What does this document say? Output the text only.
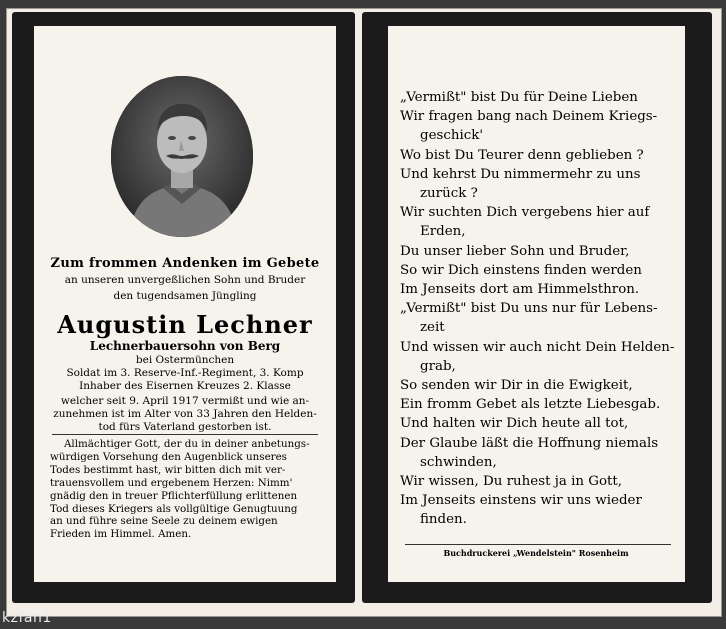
Zum frommen Andenken im Gebete
an unseren unvergeßlichen Sohn und Bruder
den tugendsamen Jüngling
Augustin Lechner
Lechnerbauersohn von Berg
bei Ostermünchen
Soldat im 3. Reserve-Inf.-Regiment, 3. Komp
Inhaber des Eisernen Kreuzes 2. Klasse
welcher seit 9. April 1917 vermißt und wie an-
zunehmen ist im Alter von 33 Jahren den Helden-
tod fürs Vaterland gestorben ist.
Allmächtiger Gott, der du in deiner anbetungs-
würdigen Vorsehung den Augenblick unseres
Todes bestimmt hast, wir bitten dich mit ver-
trauensvollem und ergebenem Herzen: Nimm'
gnädig den in treuer Pflichterfüllung erlittenen
Tod dieses Kriegers als vollgültige Genugtuung
an und führe seine Seele zu deinem ewigen
Frieden im Himmel. Amen.
„Vermißt" bist Du für Deine Lieben
Wir fragen bang nach Deinem Kriegs-
geschick'
Wo bist Du Teurer denn geblieben ?
Und kehrst Du nimmermehr zu uns
zurück ?
Wir suchten Dich vergebens hier auf
Erden,
Du unser lieber Sohn und Bruder,
So wir Dich einstens finden werden
Im Jenseits dort am Himmelsthron.
„Vermißt" bist Du uns nur für Lebens-
zeit
Und wissen wir auch nicht Dein Helden-
grab,
So senden wir Dir in die Ewigkeit,
Ein fromm Gebet als letzte Liebesgab.
Und halten wir Dich heute all tot,
Der Glaube läßt die Hoffnung niemals
schwinden,
Wir wissen, Du ruhest ja in Gott,
Im Jenseits einstens wir uns wieder
finden.
Buchdruckerei „Wendelstein" Rosenheim
kzfan1
